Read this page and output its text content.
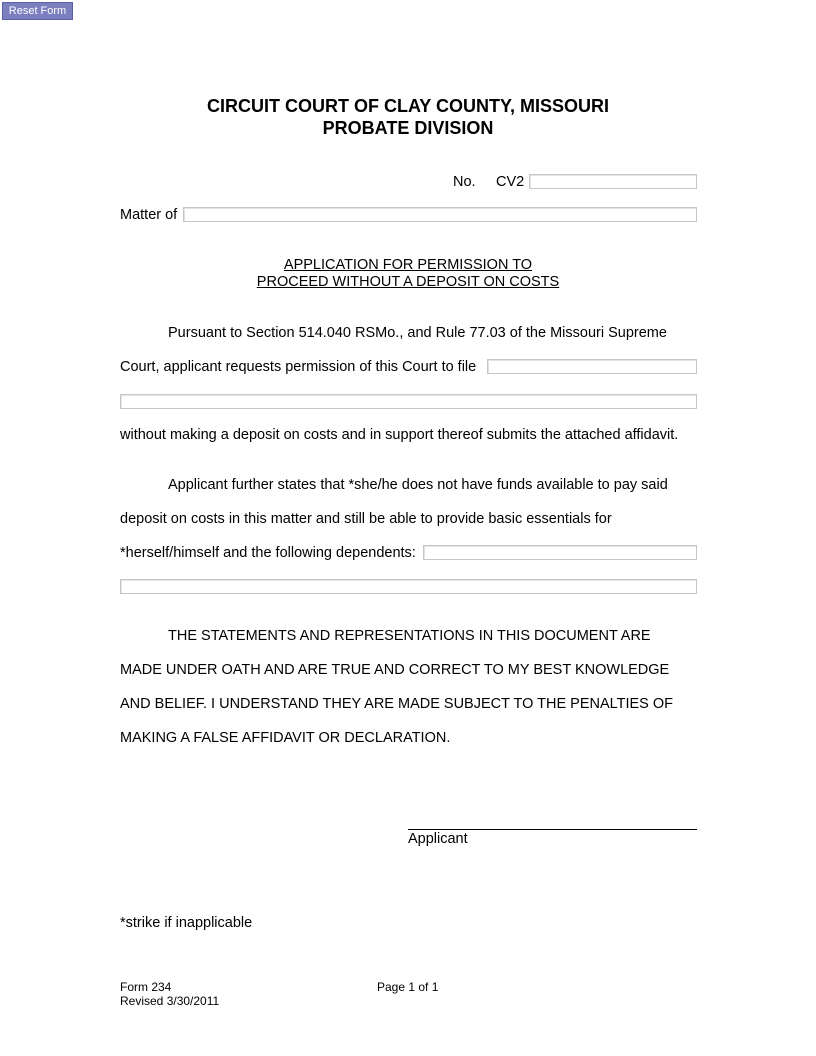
Reset Form
CIRCUIT COURT OF CLAY COUNTY, MISSOURI
PROBATE DIVISION
No. CV2
Matter of
APPLICATION FOR PERMISSION TO
PROCEED WITHOUT A DEPOSIT ON COSTS
Pursuant to Section 514.040 RSMo., and Rule 77.03 of the Missouri Supreme
Court, applicant requests permission of this Court to file
without making a deposit on costs and in support thereof submits the attached affidavit.
Applicant further states that *she/he does not have funds available to pay said
deposit on costs in this matter and still be able to provide basic essentials for
*herself/himself and the following dependents:
THE STATEMENTS AND REPRESENTATIONS IN THIS DOCUMENT ARE
MADE UNDER OATH AND ARE TRUE AND CORRECT TO MY BEST KNOWLEDGE
AND BELIEF. I UNDERSTAND THEY ARE MADE SUBJECT TO THE PENALTIES OF
MAKING A FALSE AFFIDAVIT OR DECLARATION.
Applicant
*strike if inapplicable
Form 234
Revised 3/30/2011
Page 1 of 1
